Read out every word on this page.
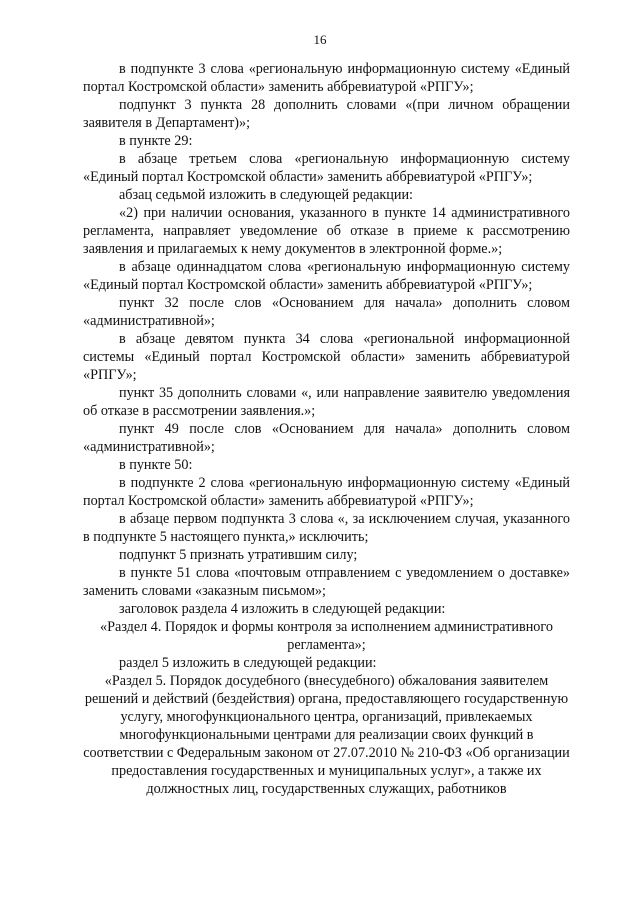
16

в подпункте 3 слова «региональную информационную систему «Единый портал Костромской области» заменить аббревиатурой «РПГУ»;

подпункт 3 пункта 28 дополнить словами «(при личном обращении заявителя в Департамент)»;

в пункте 29:

в абзаце третьем слова «региональную информационную систему «Единый портал Костромской области» заменить аббревиатурой «РПГУ»;

абзац седьмой изложить в следующей редакции:

«2) при наличии основания, указанного в пункте 14 административного регламента, направляет уведомление об отказе в приеме к рассмотрению заявления и прилагаемых к нему документов в электронной форме.»;

в абзаце одиннадцатом слова «региональную информационную систему «Единый портал Костромской области» заменить аббревиатурой «РПГУ»;

пункт 32 после слов «Основанием для начала» дополнить словом «административной»;

в абзаце девятом пункта 34 слова «региональной информационной системы «Единый портал Костромской области» заменить аббревиатурой «РПГУ»;

пункт 35 дополнить словами «, или направление заявителю уведомления об отказе в рассмотрении заявления.»;

пункт 49 после слов «Основанием для начала» дополнить словом «административной»;

в пункте 50:

в подпункте 2 слова «региональную информационную систему «Единый портал Костромской области» заменить аббревиатурой «РПГУ»;

в абзаце первом подпункта 3 слова «, за исключением случая, указанного в подпункте 5 настоящего пункта,» исключить;

подпункт 5 признать утратившим силу;

в пункте 51 слова «почтовым отправлением с уведомлением о доставке» заменить словами «заказным письмом»;

заголовок раздела 4 изложить в следующей редакции:

«Раздел 4. Порядок и формы контроля за исполнением административного регламента»;

раздел 5 изложить в следующей редакции:

«Раздел 5. Порядок досудебного (внесудебного) обжалования заявителем решений и действий (бездействия) органа, предоставляющего государственную услугу, многофункционального центра, организаций, привлекаемых многофункциональными центрами для реализации своих функций в соответствии с Федеральным законом от 27.07.2010 № 210-ФЗ «Об организации предоставления государственных и муниципальных услуг», а также их должностных лиц, государственных служащих, работников
